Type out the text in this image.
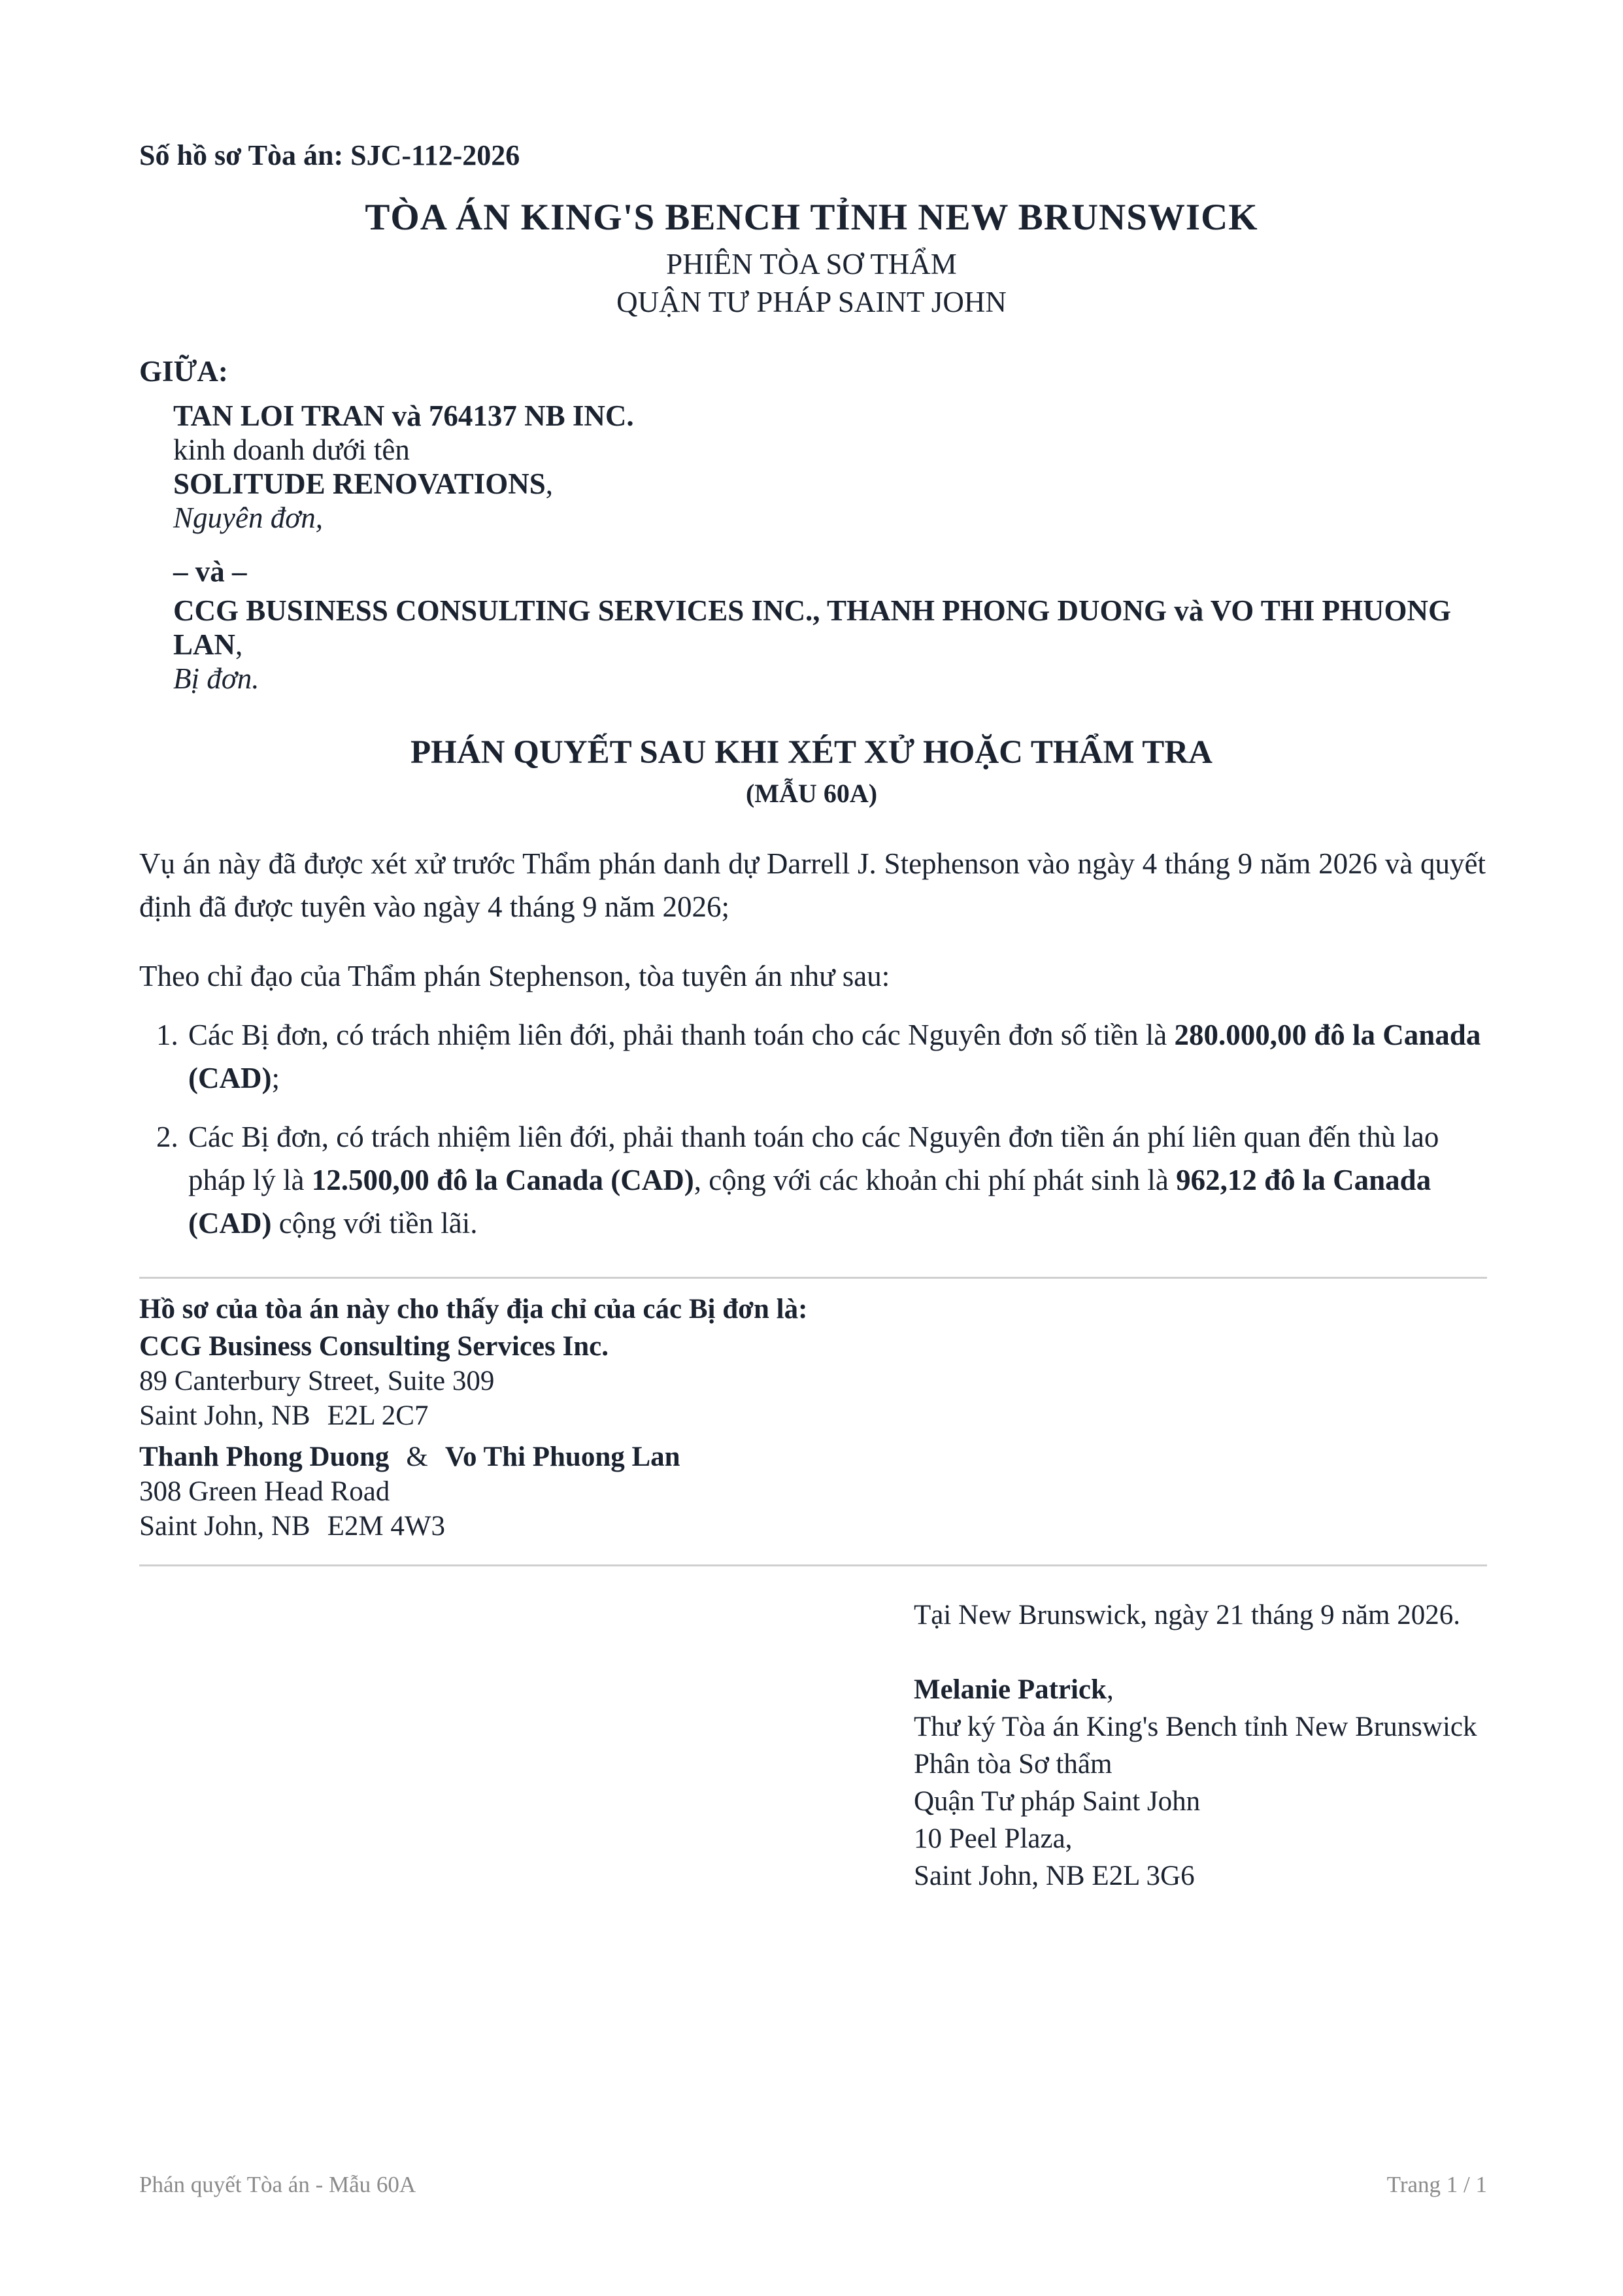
Số hồ sơ Tòa án: SJC-112-2026
TÒA ÁN KING'S BENCH TỈNH NEW BRUNSWICK
PHIÊN TÒA SƠ THẨM
QUẬN TƯ PHÁP SAINT JOHN
GIỮA:
TAN LOI TRAN và 764137 NB INC.
kinh doanh dưới tên
SOLITUDE RENOVATIONS,
Nguyên đơn,
– và –
CCG BUSINESS CONSULTING SERVICES INC., THANH PHONG DUONG và VO THI PHUONG LAN,
Bị đơn.
PHÁN QUYẾT SAU KHI XÉT XỬ HOẶC THẨM TRA
(MẪU 60A)
Vụ án này đã được xét xử trước Thẩm phán danh dự Darrell J. Stephenson vào ngày 4 tháng 9 năm 2026 và quyết định đã được tuyên vào ngày 4 tháng 9 năm 2026;
Theo chỉ đạo của Thẩm phán Stephenson, tòa tuyên án như sau:
1. Các Bị đơn, có trách nhiệm liên đới, phải thanh toán cho các Nguyên đơn số tiền là 280.000,00 đô la Canada (CAD);
2. Các Bị đơn, có trách nhiệm liên đới, phải thanh toán cho các Nguyên đơn tiền án phí liên quan đến thù lao pháp lý là 12.500,00 đô la Canada (CAD), cộng với các khoản chi phí phát sinh là 962,12 đô la Canada (CAD) cộng với tiền lãi.
Hồ sơ của tòa án này cho thấy địa chỉ của các Bị đơn là:
CCG Business Consulting Services Inc.
89 Canterbury Street, Suite 309
Saint John, NB E2L 2C7
Thanh Phong Duong & Vo Thi Phuong Lan
308 Green Head Road
Saint John, NB E2M 4W3
Tại New Brunswick, ngày 21 tháng 9 năm 2026.
Melanie Patrick,
Thư ký Tòa án King's Bench tỉnh New Brunswick
Phân tòa Sơ thẩm
Quận Tư pháp Saint John
10 Peel Plaza,
Saint John, NB E2L 3G6
Phán quyết Tòa án - Mẫu 60A	Trang 1 / 1
